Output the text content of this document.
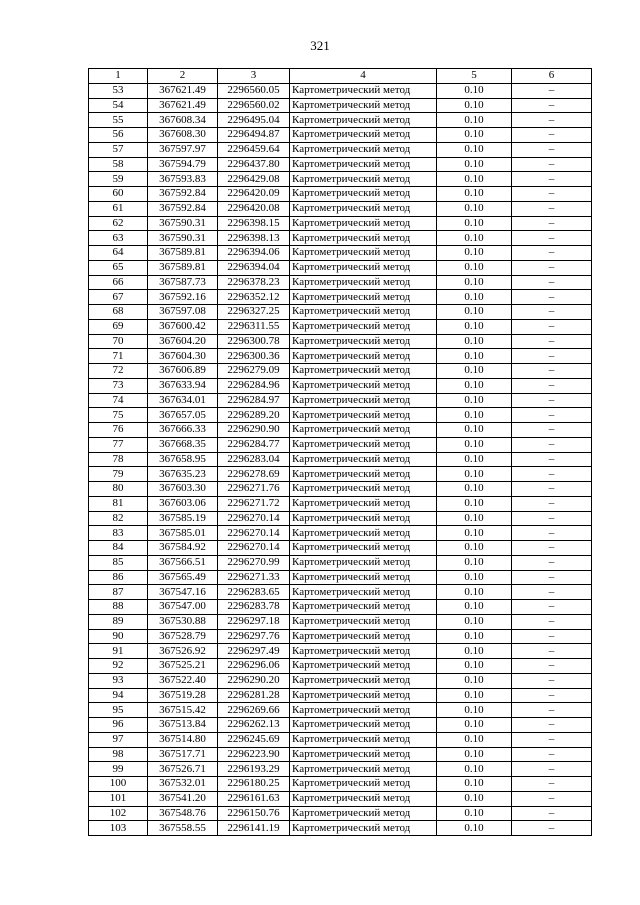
321
1	2	3	4	5	6
53	367621.49	2296560.05	Картометрический метод	0.10	–
54	367621.49	2296560.02	Картометрический метод	0.10	–
55	367608.34	2296495.04	Картометрический метод	0.10	–
56	367608.30	2296494.87	Картометрический метод	0.10	–
57	367597.97	2296459.64	Картометрический метод	0.10	–
58	367594.79	2296437.80	Картометрический метод	0.10	–
59	367593.83	2296429.08	Картометрический метод	0.10	–
60	367592.84	2296420.09	Картометрический метод	0.10	–
61	367592.84	2296420.08	Картометрический метод	0.10	–
62	367590.31	2296398.15	Картометрический метод	0.10	–
63	367590.31	2296398.13	Картометрический метод	0.10	–
64	367589.81	2296394.06	Картометрический метод	0.10	–
65	367589.81	2296394.04	Картометрический метод	0.10	–
66	367587.73	2296378.23	Картометрический метод	0.10	–
67	367592.16	2296352.12	Картометрический метод	0.10	–
68	367597.08	2296327.25	Картометрический метод	0.10	–
69	367600.42	2296311.55	Картометрический метод	0.10	–
70	367604.20	2296300.78	Картометрический метод	0.10	–
71	367604.30	2296300.36	Картометрический метод	0.10	–
72	367606.89	2296279.09	Картометрический метод	0.10	–
73	367633.94	2296284.96	Картометрический метод	0.10	–
74	367634.01	2296284.97	Картометрический метод	0.10	–
75	367657.05	2296289.20	Картометрический метод	0.10	–
76	367666.33	2296290.90	Картометрический метод	0.10	–
77	367668.35	2296284.77	Картометрический метод	0.10	–
78	367658.95	2296283.04	Картометрический метод	0.10	–
79	367635.23	2296278.69	Картометрический метод	0.10	–
80	367603.30	2296271.76	Картометрический метод	0.10	–
81	367603.06	2296271.72	Картометрический метод	0.10	–
82	367585.19	2296270.14	Картометрический метод	0.10	–
83	367585.01	2296270.14	Картометрический метод	0.10	–
84	367584.92	2296270.14	Картометрический метод	0.10	–
85	367566.51	2296270.99	Картометрический метод	0.10	–
86	367565.49	2296271.33	Картометрический метод	0.10	–
87	367547.16	2296283.65	Картометрический метод	0.10	–
88	367547.00	2296283.78	Картометрический метод	0.10	–
89	367530.88	2296297.18	Картометрический метод	0.10	–
90	367528.79	2296297.76	Картометрический метод	0.10	–
91	367526.92	2296297.49	Картометрический метод	0.10	–
92	367525.21	2296296.06	Картометрический метод	0.10	–
93	367522.40	2296290.20	Картометрический метод	0.10	–
94	367519.28	2296281.28	Картометрический метод	0.10	–
95	367515.42	2296269.66	Картометрический метод	0.10	–
96	367513.84	2296262.13	Картометрический метод	0.10	–
97	367514.80	2296245.69	Картометрический метод	0.10	–
98	367517.71	2296223.90	Картометрический метод	0.10	–
99	367526.71	2296193.29	Картометрический метод	0.10	–
100	367532.01	2296180.25	Картометрический метод	0.10	–
101	367541.20	2296161.63	Картометрический метод	0.10	–
102	367548.76	2296150.76	Картометрический метод	0.10	–
103	367558.55	2296141.19	Картометрический метод	0.10	–
